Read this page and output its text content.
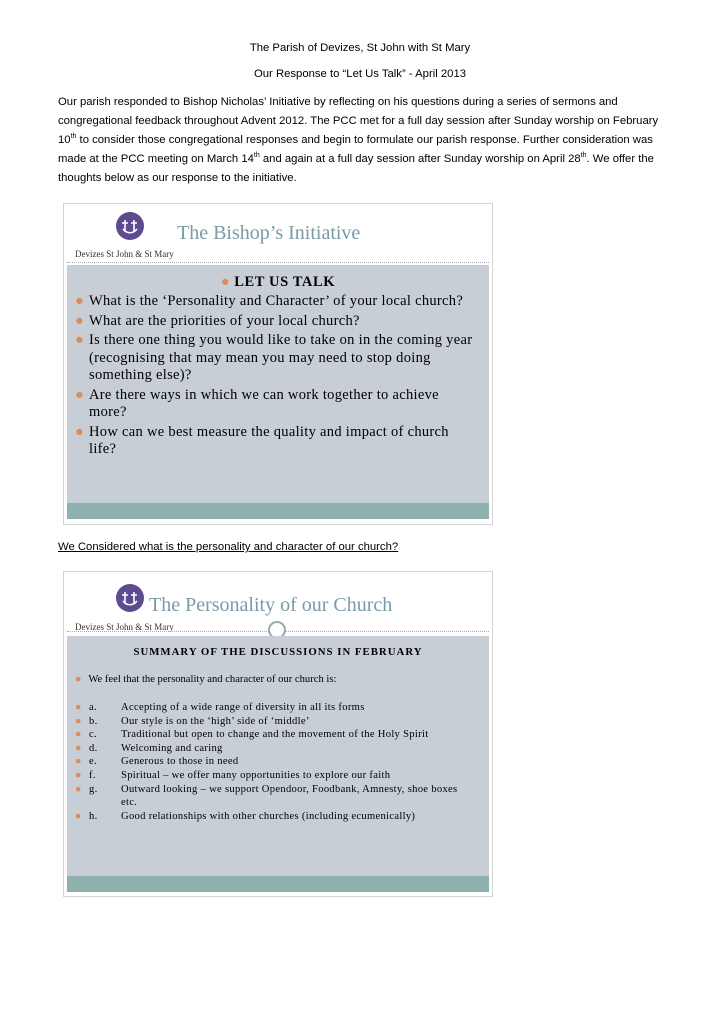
The Parish of Devizes, St John with St Mary
Our Response to “Let Us Talk” - April 2013

Our parish responded to Bishop Nicholas’ Initiative by reflecting on his questions during a series of sermons and congregational feedback throughout Advent 2012. The PCC met for a full day session after Sunday worship on February 10th to consider those congregational responses and begin to formulate our parish response. Further consideration was made at the PCC meeting on March 14th and again at a full day session after Sunday worship on April 28th. We offer the thoughts below as our response to the initiative.

Devizes St John & St Mary
The Bishop’s Initiative
● LET US TALK
● What is the ‘Personality and Character’ of your local church?
● What are the priorities of your local church?
● Is there one thing you would like to take on in the coming year (recognising that may mean you may need to stop doing something else)?
● Are there ways in which we can work together to achieve more?
● How can we best measure the quality and impact of church life?
We Considered what is the personality and character of our church?
Devizes St John & St Mary
The Personality of our Church
SUMMARY OF THE DISCUSSIONS IN FEBRUARY
● We feel that the personality and character of our church is:
● a. Accepting of a wide range of diversity in all its forms
● b. Our style is on the ‘high’ side of ‘middle’
● c. Traditional but open to change and the movement of the Holy Spirit
● d. Welcoming and caring
● e. Generous to those in need
● f. Spiritual – we offer many opportunities to explore our faith
● g. Outward looking – we support Opendoor, Foodbank, Amnesty, shoe boxes etc.
● h. Good relationships with other churches (including ecumenically)
